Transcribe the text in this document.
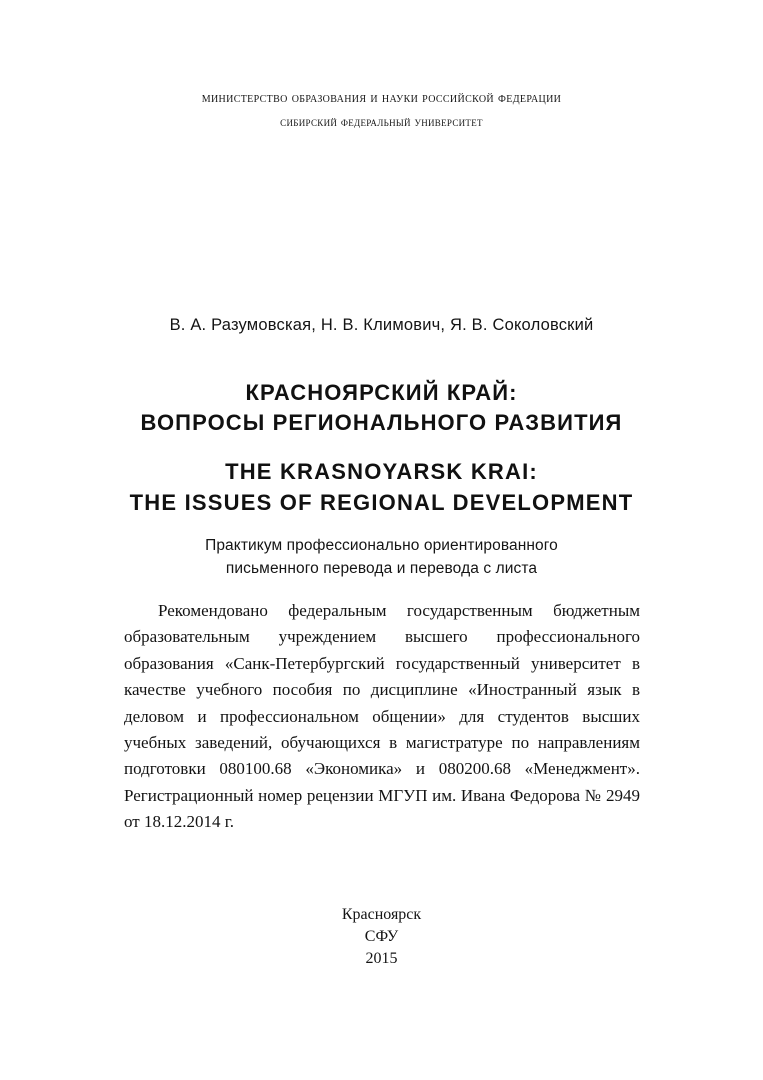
министерство образования и науки российской федерации
сибирский федеральный университет
В. А. Разумовская, Н. В. Климович, Я. В. Соколовский
КРАСНОЯРСКИЙ КРАЙ:
ВОПРОСЫ РЕГИОНАЛЬНОГО РАЗВИТИЯ
THE KRASNOYARSK KRAI:
THE ISSUES OF REGIONAL DEVELOPMENT
Практикум профессионально ориентированного
письменного перевода и перевода с листа
Рекомендовано федеральным государственным бюджетным образовательным учреждением высшего профессионального образования «Санк-Петербургский государственный университет в качестве учебного пособия по дисциплине «Иностранный язык в деловом и профессиональном общении» для студентов высших учебных заведений, обучающихся в магистратуре по направлениям подготовки 080100.68 «Экономика» и 080200.68 «Менеджмент». Регистрационный номер рецензии МГУП им. Ивана Федорова № 2949 от 18.12.2014 г.
Красноярск
СФУ
2015
